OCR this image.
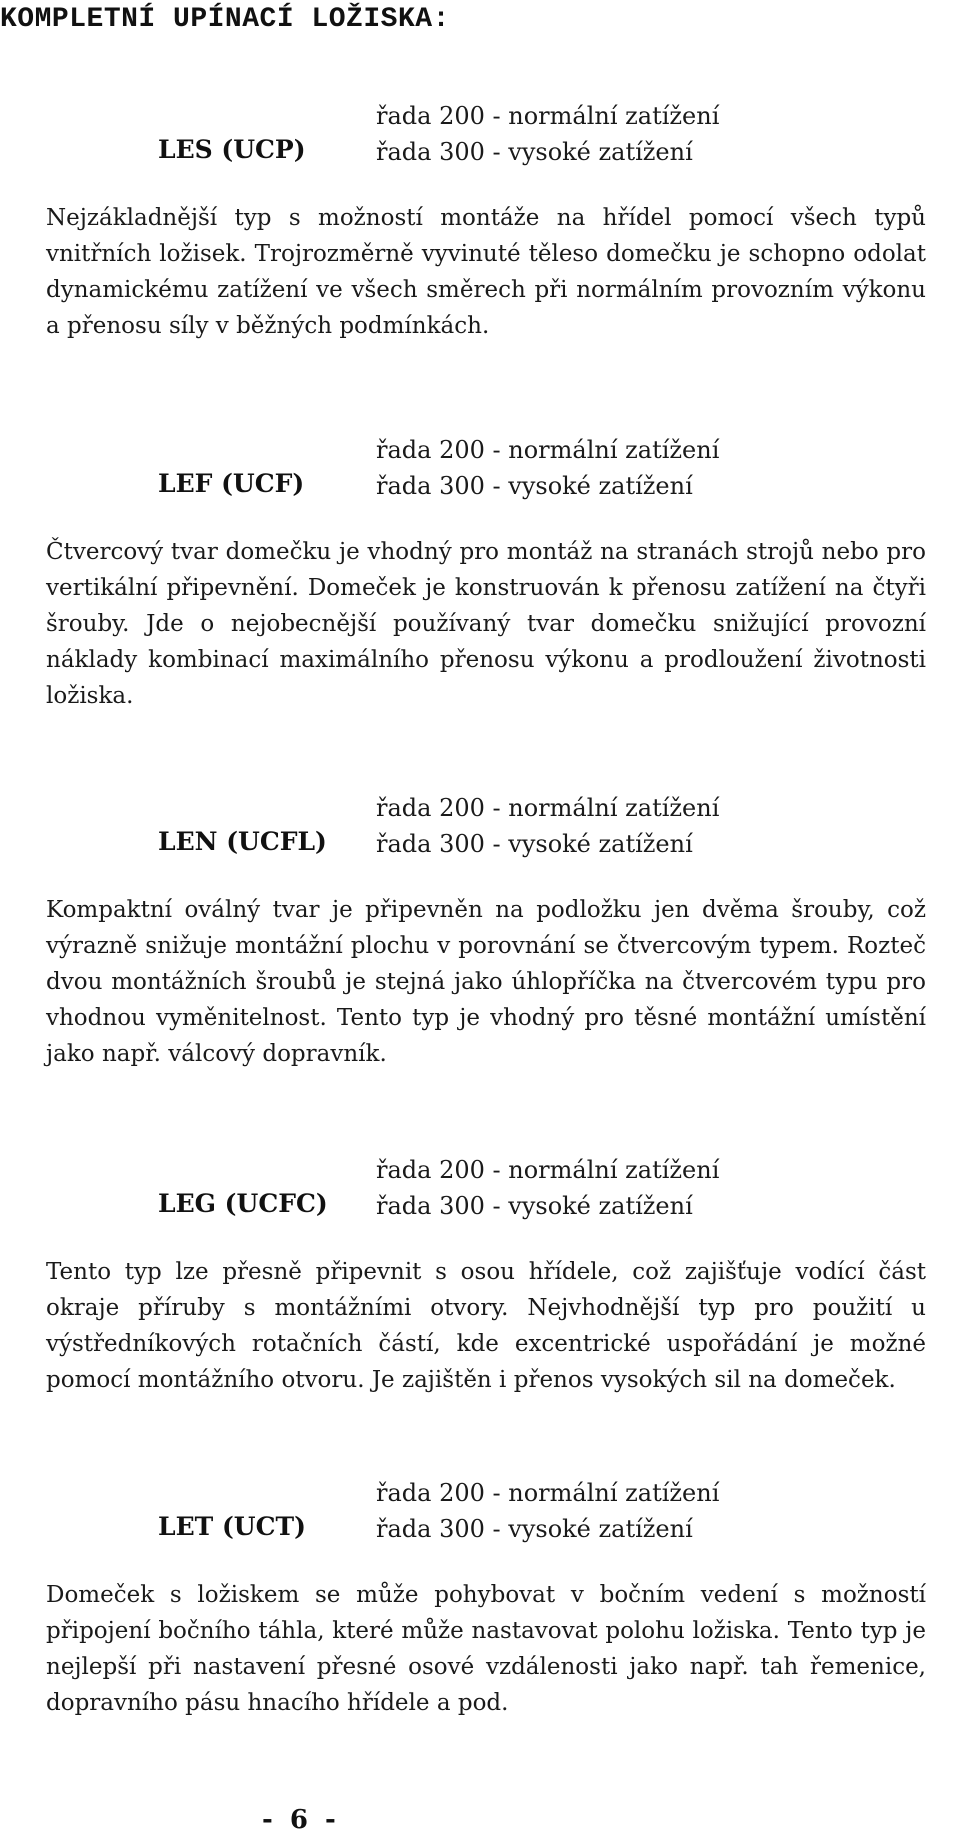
KOMPLETNÍ UPÍNACÍ LOŽISKA:
LES (UCP)
řada 200 - normální zatížení
řada 300 - vysoké zatížení

Nejzákladnější typ s možností montáže na hřídel pomocí všech typů vnitřních ložisek. Trojrozměrně vyvinuté těleso domečku je schopno odolat dynamickému zatížení ve všech směrech při normálním provozním výkonu a přenosu síly v běžných podmínkách.

LEF (UCF)
řada 200 - normální zatížení
řada 300 - vysoké zatížení

Čtvercový tvar domečku je vhodný pro montáž na stranách strojů nebo pro vertikální připevnění. Domeček je konstruován k přenosu zatížení na čtyři šrouby. Jde o nejobecnější používaný tvar domečku snižující provozní náklady kombinací maximálního přenosu výkonu a prodloužení životnosti ložiska.

LEN (UCFL)
řada 200 - normální zatížení
řada 300 - vysoké zatížení

Kompaktní oválný tvar je připevněn na podložku jen dvěma šrouby, což výrazně snižuje montážní plochu v porovnání se čtvercovým typem. Rozteč dvou montážních šroubů je stejná jako úhlopříčka na čtvercovém typu pro vhodnou vyměnitelnost. Tento typ je vhodný pro těsné montážní umístění jako např. válcový dopravník.

LEG (UCFC)
řada 200 - normální zatížení
řada 300 - vysoké zatížení

Tento typ lze přesně připevnit s osou hřídele, což zajišťuje vodící část okraje příruby s montážními otvory. Nejvhodnější typ pro použití u výstředníkových rotačních částí, kde excentrické uspořádání je možné pomocí montážního otvoru. Je zajištěn i přenos vysokých sil na domeček.

LET (UCT)
řada 200 - normální zatížení
řada 300 - vysoké zatížení

Domeček s ložiskem se může pohybovat v bočním vedení s možností připojení bočního táhla, které může nastavovat polohu ložiska. Tento typ je nejlepší při nastavení přesné osové vzdálenosti jako např. tah řemenice, dopravního pásu hnacího hřídele a pod.

- 6 -
